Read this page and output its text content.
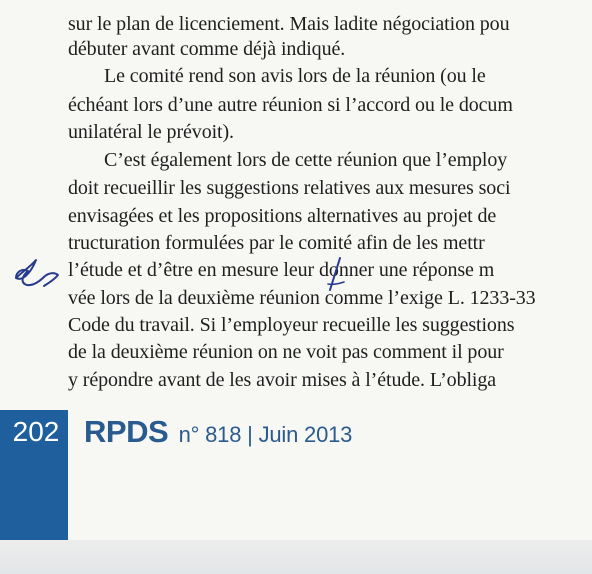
sur le plan de licenciement. Mais ladite négociation pou
débuter avant comme déjà indiqué.
Le comité rend son avis lors de la réunion (ou le
échéant lors d’une autre réunion si l’accord ou le docum
unilatéral le prévoit).
C’est également lors de cette réunion que l’employ
doit recueillir les suggestions relatives aux mesures soci
envisagées et les propositions alternatives au projet de
tructuration formulées par le comité afin de les mettr
l’étude et d’être en mesure leur donner une réponse m
vée lors de la deuxième réunion comme l’exige L. 1233-33
Code du travail. Si l’employeur recueille les suggestions
de la deuxième réunion on ne voit pas comment il pour
y répondre avant de les avoir mises à l’étude. L’obliga
202 RPDS n° 818 | Juin 2013
